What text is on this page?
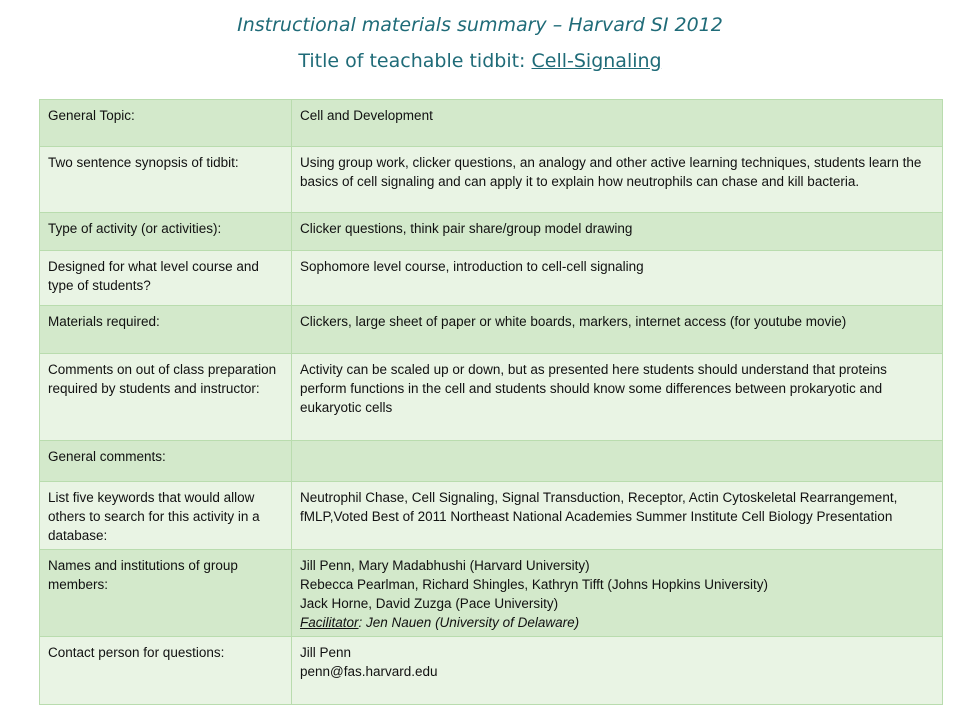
Instructional materials summary – Harvard SI 2012
Title of teachable tidbit: Cell-Signaling
General Topic:	Cell and Development
Two sentence synopsis of tidbit:	Using group work, clicker questions, an analogy and other active learning techniques, students learn the basics of cell signaling and can apply it to explain how neutrophils can chase and kill bacteria.
Type of activity (or activities):	Clicker questions, think pair share/group model drawing
Designed for what level course and type of students?	Sophomore level course, introduction to cell-cell signaling
Materials required:	Clickers, large sheet of paper or white boards, markers, internet access (for youtube movie)
Comments on out of class preparation required by students and instructor:	Activity can be scaled up or down, but as presented here students should understand that proteins perform functions in the cell and students should know some differences between prokaryotic and eukaryotic cells
General comments:	
List five keywords that would allow others to search for this activity in a database:	Neutrophil Chase, Cell Signaling, Signal Transduction, Receptor, Actin Cytoskeletal Rearrangement, fMLP,Voted Best of 2011 Northeast National Academies Summer Institute Cell Biology Presentation
Names and institutions of group members:	Jill Penn, Mary Madabhushi (Harvard University)
Rebecca Pearlman, Richard Shingles, Kathryn Tifft (Johns Hopkins University)
Jack Horne, David Zuzga (Pace University)
Facilitator: Jen Nauen (University of Delaware)

Contact person for questions:	Jill Penn
penn@fas.harvard.edu
